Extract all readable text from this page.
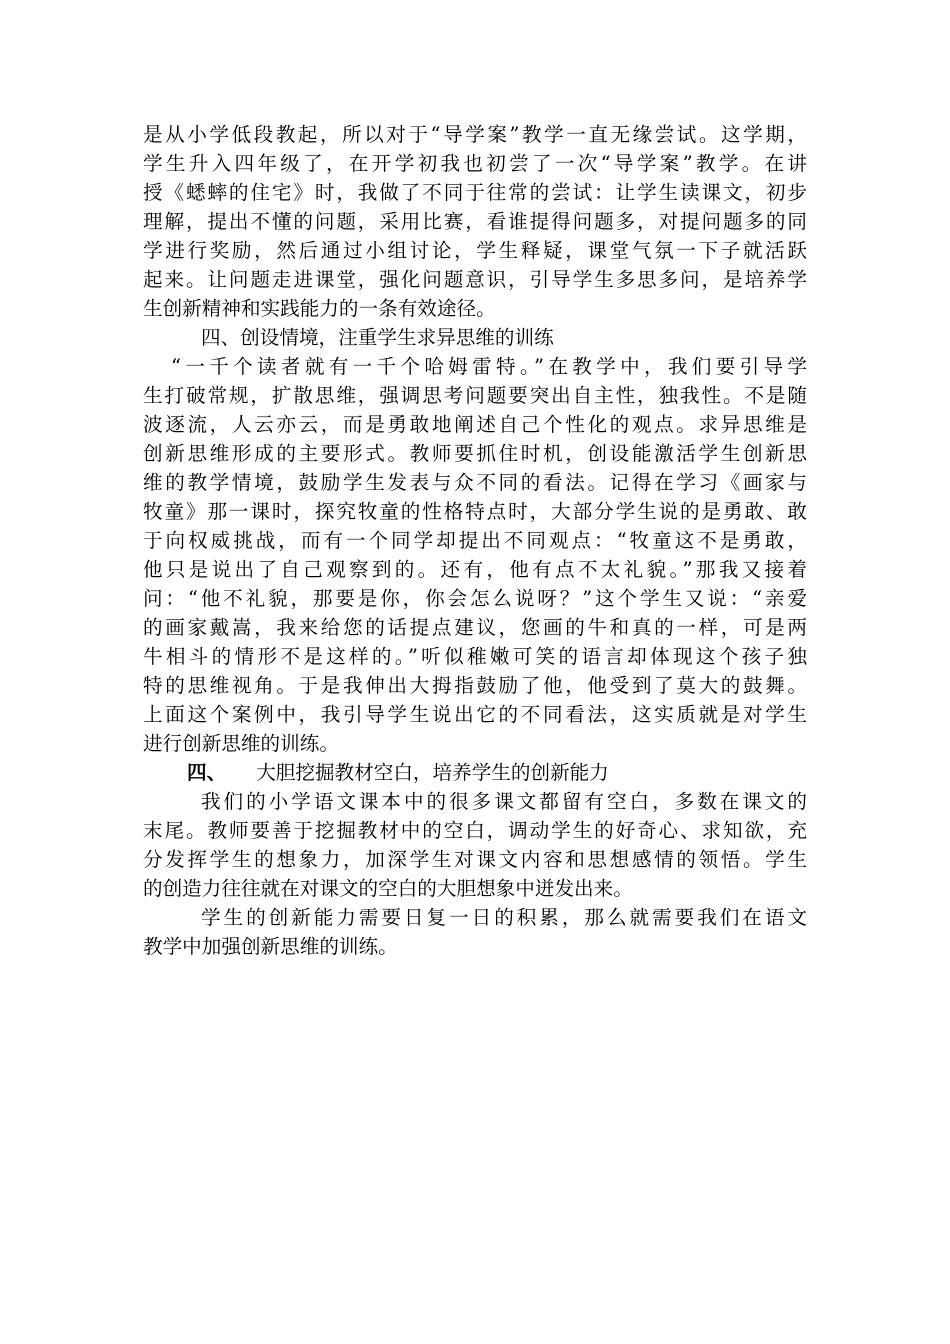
是从小学低段教起，所以对于“导学案”教学一直无缘尝试。这学期，
学生升入四年级了，在开学初我也初尝了一次“导学案”教学。在讲
授《蟋蟀的住宅》时，我做了不同于往常的尝试：让学生读课文，初步
理解，提出不懂的问题，采用比赛，看谁提得问题多，对提问题多的同
学进行奖励，然后通过小组讨论，学生释疑，课堂气氛一下子就活跃
起来。让问题走进课堂，强化问题意识，引导学生多思多问，是培养学
生创新精神和实践能力的一条有效途径。
四、创设情境，注重学生求异思维的训练
“一千个读者就有一千个哈姆雷特。”在教学中，我们要引导学
生打破常规，扩散思维，强调思考问题要突出自主性，独我性。不是随
波逐流，人云亦云，而是勇敢地阐述自己个性化的观点。求异思维是
创新思维形成的主要形式。教师要抓住时机，创设能激活学生创新思
维的教学情境，鼓励学生发表与众不同的看法。记得在学习《画家与
牧童》那一课时，探究牧童的性格特点时，大部分学生说的是勇敢、敢
于向权威挑战，而有一个同学却提出不同观点：“牧童这不是勇敢，
他只是说出了自己观察到的。还有，他有点不太礼貌。”那我又接着
问：“他不礼貌，那要是你，你会怎么说呀？”这个学生又说：“亲爱
的画家戴嵩，我来给您的话提点建议，您画的牛和真的一样，可是两
牛相斗的情形不是这样的。”听似稚嫩可笑的语言却体现这个孩子独
特的思维视角。于是我伸出大拇指鼓励了他，他受到了莫大的鼓舞。
上面这个案例中，我引导学生说出它的不同看法，这实质就是对学生
进行创新思维的训练。
四、 大胆挖掘教材空白，培养学生的创新能力
我们的小学语文课本中的很多课文都留有空白，多数在课文的
末尾。教师要善于挖掘教材中的空白，调动学生的好奇心、求知欲，充
分发挥学生的想象力，加深学生对课文内容和思想感情的领悟。学生
的创造力往往就在对课文的空白的大胆想象中迸发出来。
学生的创新能力需要日复一日的积累，那么就需要我们在语文
教学中加强创新思维的训练。
